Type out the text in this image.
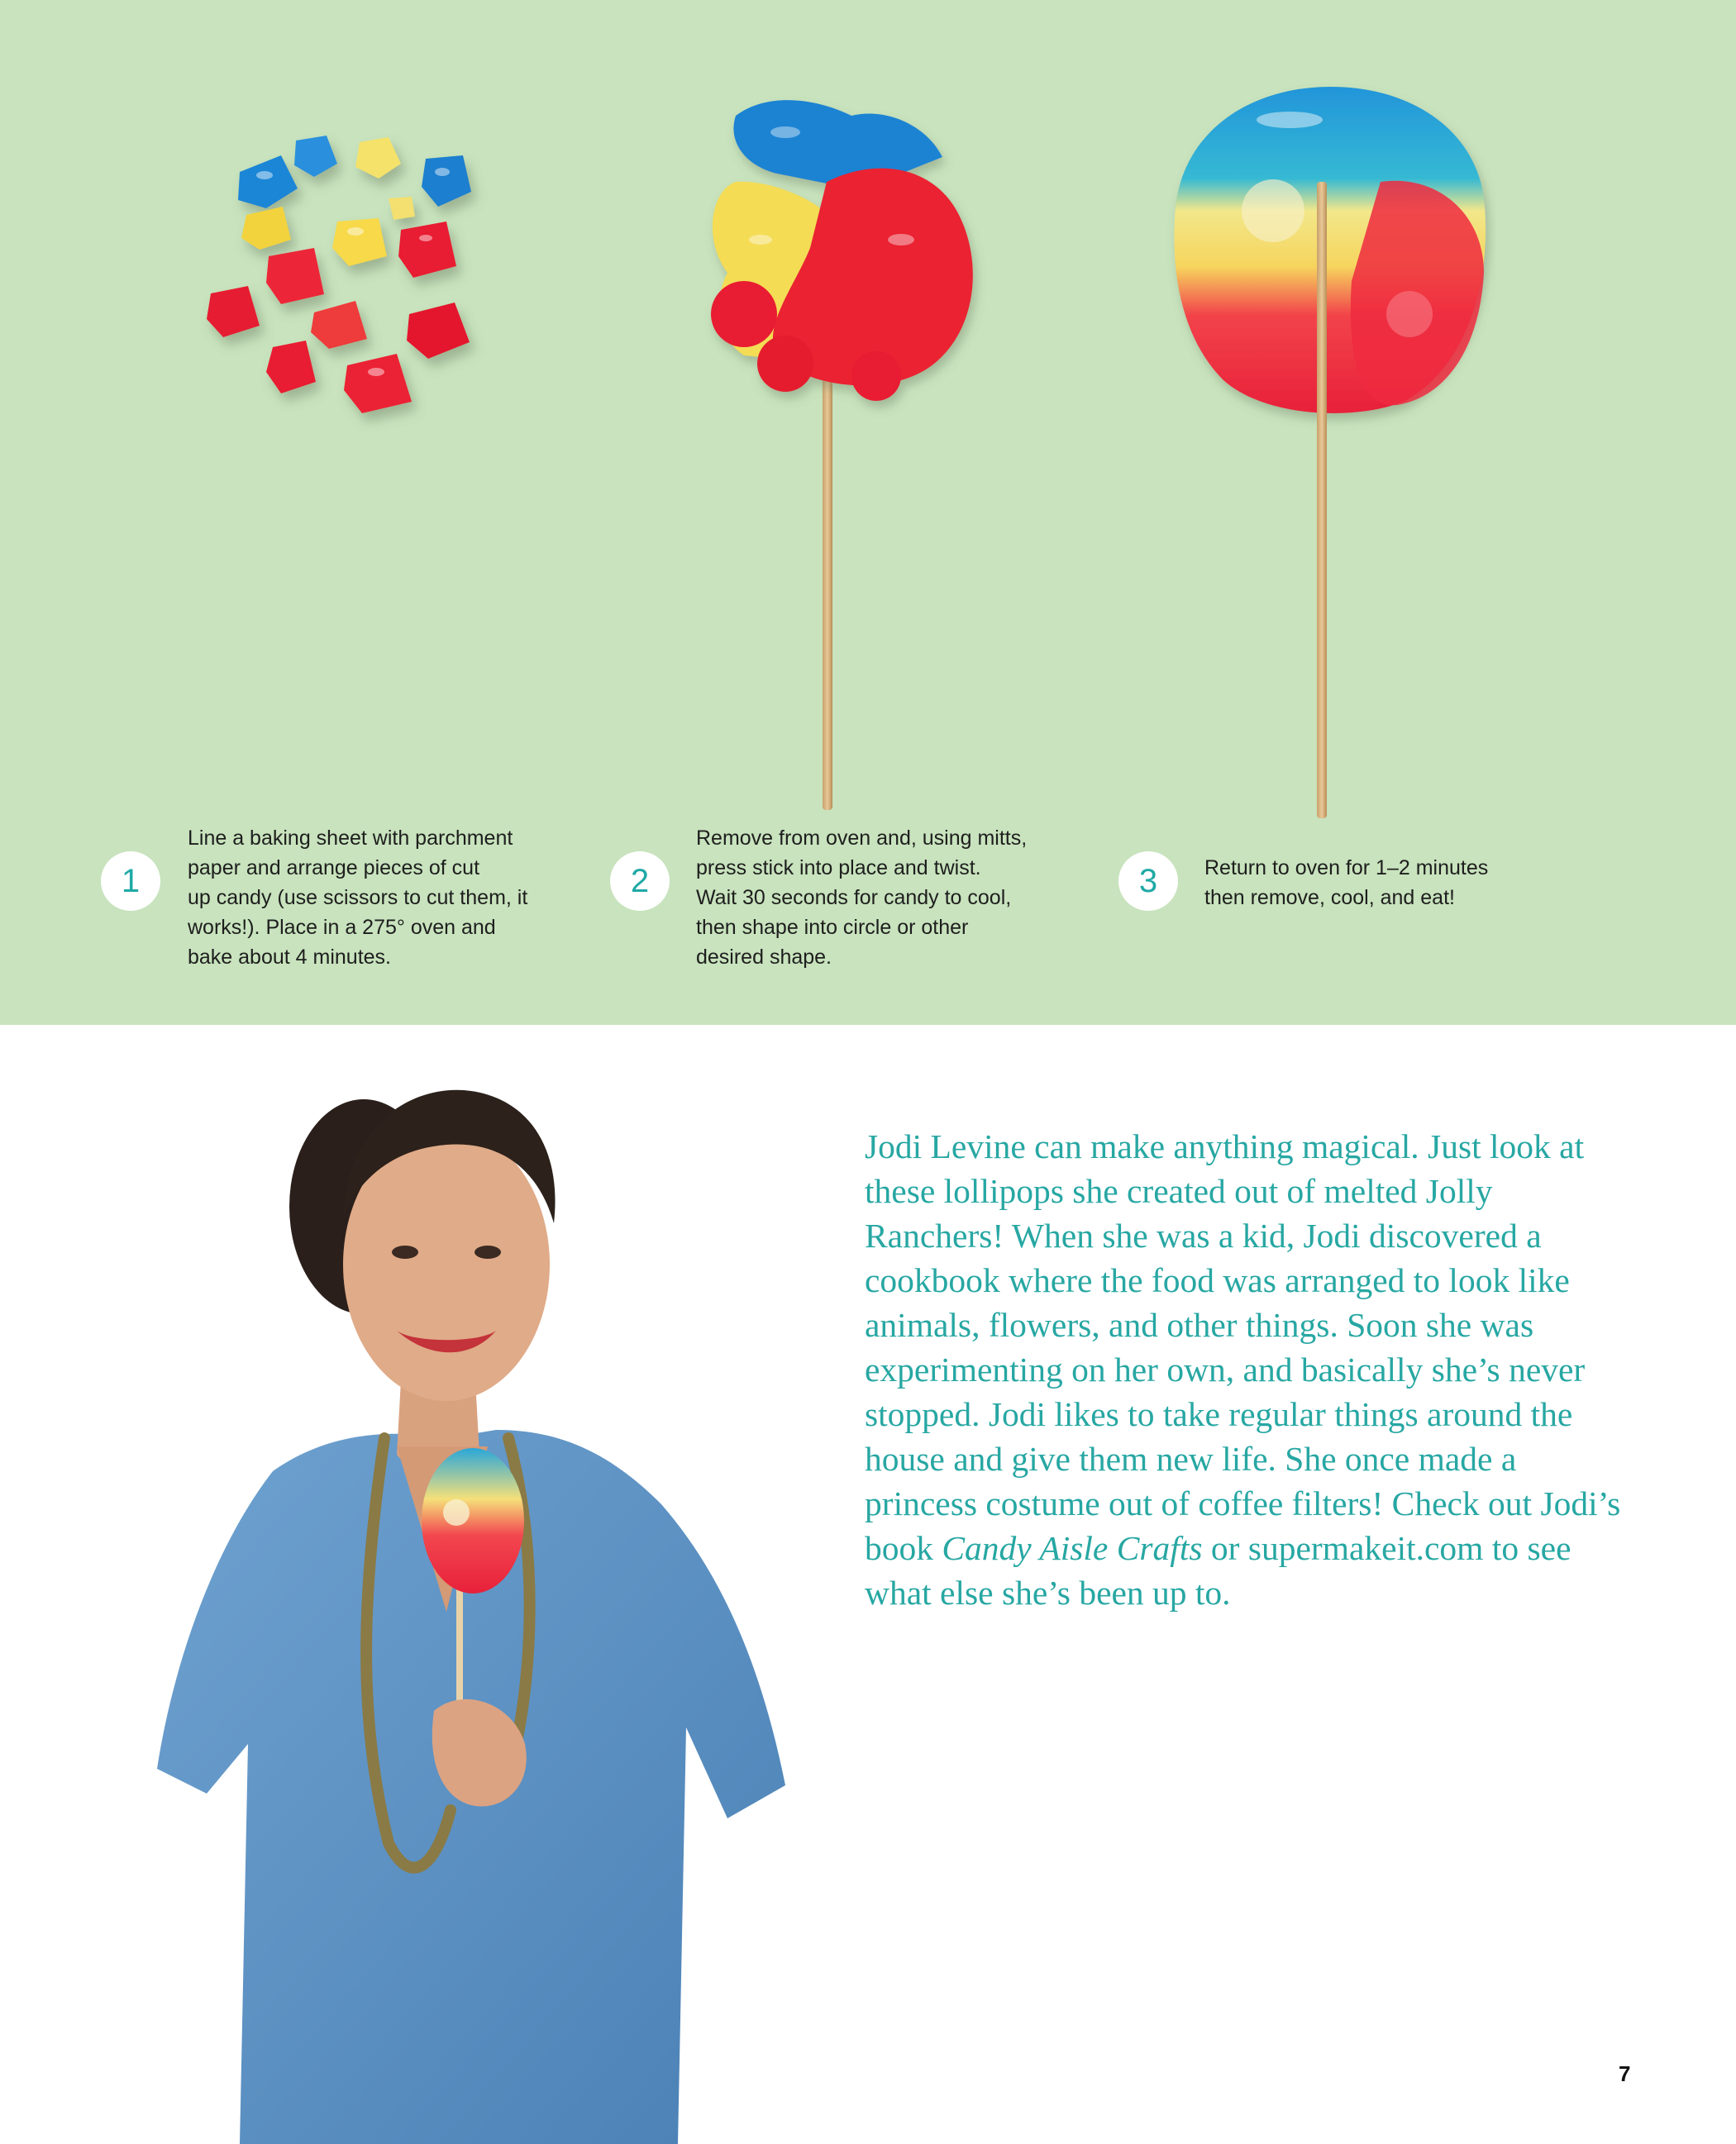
1
Line a baking sheet with parchment
paper and arrange pieces of cut
up candy (use scissors to cut them, it
works!). Place in a 275° oven and
bake about 4 minutes.
2
Remove from oven and, using mitts,
press stick into place and twist.
Wait 30 seconds for candy to cool,
then shape into circle or other
desired shape.
3	Return to oven for 1–2 minutes
then remove, cool, and eat!
Jodi Levine can make anything magical. Just look at these lollipops she created out of melted Jolly Ranchers! When she was a kid, Jodi discovered a cookbook where the food was arranged to look like animals, flowers, and other things. Soon she was experimenting on her own, and basically she’s never stopped. Jodi likes to take regular things around the house and give them new life. She once made a princess costume out of coffee filters! Check out Jodi’s book Candy Aisle Crafts or supermakeit.com to see what else she’s been up to.
7
